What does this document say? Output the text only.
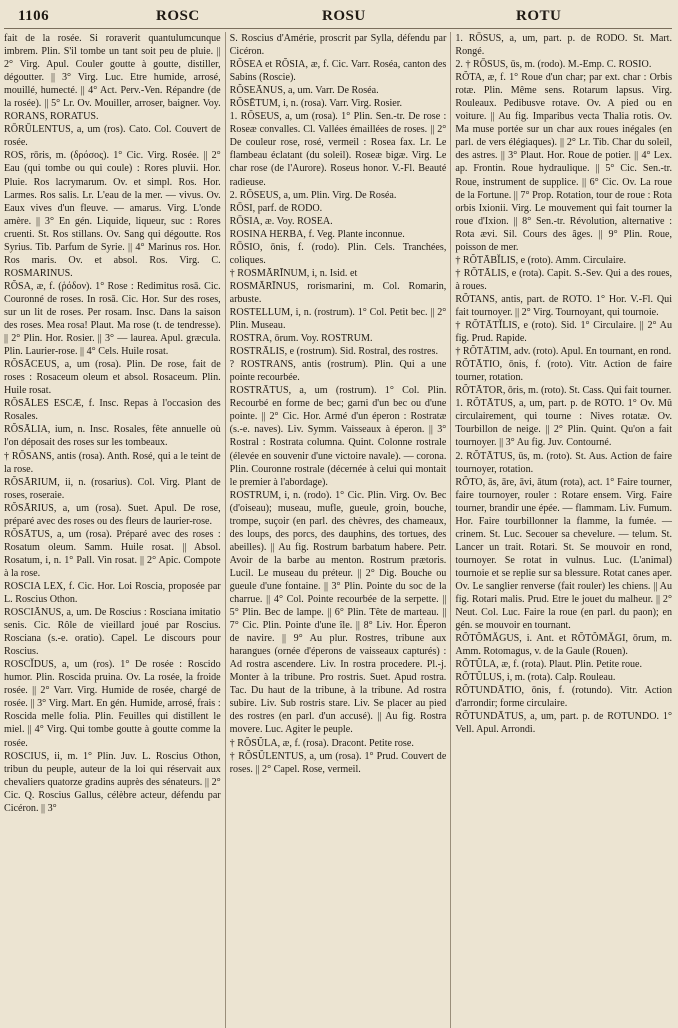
1106	ROSC	ROSU	ROTU

fait de la rosée. Si roraverit quantulumcunque imbrem. Plin. S'il tombe un tant soit peu de pluie. || 2° Virg. Apul. Couler goutte à goutte, distiller, dégoutter. || 3° Virg. Luc. Etre humide, arrosé, mouillé, humecté. || 4° Act. Perv.-Ven. Répandre (de la rosée). || 5° Lr. Ov. Mouiller, arroser, baigner. Voy. RORANS, RORATUS.

RŌRŪLENTUS, a, um (ros). Cato. Col. Couvert de rosée.

ROS, rōris, m. (δρόσος). 1° Cic. Virg. Rosée. || 2° Eau (qui tombe ou qui coule) : Rores pluvii. Hor. Pluie. Ros lacrymarum. Ov. et simpl. Ros. Hor. Larmes. Ros salis. Lr. L'eau de la mer. — vivus. Ov. Eaux vives d'un fleuve. — amarus. Virg. L'onde amère. || 3° En gén. Liquide, liqueur, suc : Rores cruenti. St. Ros stillans. Ov. Sang qui dégoutte. Ros Syrius. Tib. Parfum de Syrie. || 4° Marinus ros. Hor. Ros maris. Ov. et absol. Ros. Virg. C. ROSMARINUS.

RŎSA, æ, f. (ῥόδον). 1° Rose : Redimitus rosā. Cic. Couronné de roses. In rosā. Cic. Hor. Sur des roses, sur un lit de roses. Per rosam. Insc. Dans la saison des roses. Mea rosa! Plaut. Ma rose (t. de tendresse). || 2° Plin. Hor. Rosier. || 3° — laurea. Apul. græcula. Plin. Laurier-rose. || 4° Cels. Huile rosat.

RŎSĀCEUS, a, um (rosa). Plin. De rose, fait de roses : Rosaceum oleum et absol. Rosaceum. Plin. Huile rosat.

RŎSĀLES ESCÆ, f. Insc. Repas à l'occasion des Rosales.

RŎSĀLIA, ium, n. Insc. Rosales, fête annuelle où l'on déposait des roses sur les tombeaux.

† RŎSANS, antis (rosa). Anth. Rosé, qui a le teint de la rose.

RŎSĀRIUM, ii, n. (rosarius). Col. Virg. Plant de roses, roseraie.

RŎSĀRIUS, a, um (rosa). Suet. Apul. De rose, préparé avec des roses ou des fleurs de laurier-rose.

RŎSĀTUS, a, um (rosa). Préparé avec des roses : Rosatum oleum. Samm. Huile rosat. || Absol. Rosatum, i, n. 1° Pall. Vin rosat. || 2° Apic. Compote à la rose.

ROSCIA LEX, f. Cic. Hor. Loi Roscia, proposée par L. Roscius Othon.

ROSCIĀNUS, a, um. De Roscius : Rosciana imitatio senis. Cic. Rôle de vieillard joué par Roscius. Rosciana (s.-e. oratio). Capel. Le discours pour Roscius.

ROSCĬDUS, a, um (ros). 1° De rosée : Roscido humor. Plin. Roscida pruina. Ov. La rosée, la froide rosée. || 2° Varr. Virg. Humide de rosée, chargé de rosée. || 3° Virg. Mart. En gén. Humide, arrosé, frais : Roscida melle folia. Plin. Feuilles qui distillent le miel. || 4° Virg. Qui tombe goutte à goutte comme la rosée.

ROSCIUS, ii, m. 1° Plin. Juv. L. Roscius Othon, tribun du peuple, auteur de la loi qui réservait aux chevaliers quatorze gradins auprès des sénateurs. || 2° Cic. Q. Roscius Gallus, célèbre acteur, défendu par Cicéron. || 3°

S. Roscius d'Amérie, proscrit par Sylla, défendu par Cicéron.

RŎSEA et RŎSIA, æ, f. Cic. Varr. Roséa, canton des Sabins (Roscie).

RŎSEĀNUS, a, um. Varr. De Roséa.

RŎSĒTUM, i, n. (rosa). Varr. Virg. Rosier.

1. RŎSEUS, a, um (rosa). 1° Plin. Sen.-tr. De rose : Roseæ convalles. Cl. Vallées émaillées de roses. || 2° De couleur rose, rosé, vermeil : Rosea fax. Lr. Le flambeau éclatant (du soleil). Roseæ bigæ. Virg. Le char rose (de l'Aurore). Roseus honor. V.-Fl. Beauté radieuse.

2. RŎSEUS, a, um. Plin. Virg. De Roséa.

RŌSI, parf. de RODO.

RŌSIA, æ. Voy. ROSEA.

ROSINA HERBA, f. Veg. Plante inconnue.

RŌSIO, ōnis, f. (rodo). Plin. Cels. Tranchées, coliques.

† ROSMĀRĪNUM, i, n. Isid. et

ROSMĀRĪNUS, rorismarini, m. Col. Romarin, arbuste.

ROSTELLUM, i, n. (rostrum). 1° Col. Petit bec. || 2° Plin. Museau.

ROSTRA, ōrum. Voy. ROSTRUM.

ROSTRĀLIS, e (rostrum). Sid. Rostral, des rostres.

? ROSTRANS, antis (rostrum). Plin. Qui a une pointe recourbée.

ROSTRĀTUS, a, um (rostrum). 1° Col. Plin. Recourbé en forme de bec; garni d'un bec ou d'une pointe. || 2° Cic. Hor. Armé d'un éperon : Rostratæ (s.-e. naves). Liv. Symm. Vaisseaux à éperon. || 3° Rostral : Rostrata columna. Quint. Colonne rostrale (élevée en souvenir d'une victoire navale). — corona. Plin. Couronne rostrale (décernée à celui qui montait le premier à l'abordage).

ROSTRUM, i, n. (rodo). 1° Cic. Plin. Virg. Ov. Bec (d'oiseau); museau, mufle, gueule, groin, bouche, trompe, suçoir (en parl. des chèvres, des chameaux, des loups, des porcs, des dauphins, des tortues, des abeilles). || Au fig. Rostrum barbatum habere. Petr. Avoir de la barbe au menton. Rostrum prætoris. Lucil. Le museau du préteur. || 2° Dig. Bouche ou gueule d'une fontaine. || 3° Plin. Pointe du soc de la charrue. || 4° Col. Pointe recourbée de la serpette. || 5° Plin. Bec de lampe. || 6° Plin. Tête de marteau. || 7° Cic. Plin. Pointe d'une île. || 8° Liv. Hor. Éperon de navire. || 9° Au plur. Rostres, tribune aux harangues (ornée d'éperons de vaisseaux capturés) : Ad rostra ascendere. Liv. In rostra procedere. Pl.-j. Monter à la tribune. Pro rostris. Suet. Apud rostra. Tac. Du haut de la tribune, à la tribune. Ad rostra subire. Liv. Sub rostris stare. Liv. Se placer au pied des rostres (en parl. d'un accusé). || Au fig. Rostra movere. Luc. Agiter le peuple.

† RŎSŬLA, æ, f. (rosa). Dracont. Petite rose.

† RŎSŬLENTUS, a, um (rosa). 1° Prud. Couvert de roses. || 2° Capel. Rose, vermeil.

1. RŌSUS, a, um, part. p. de RODO. St. Mart. Rongé.

2. † RŌSUS, ūs, m. (rodo). M.-Emp. C. ROSIO.

RŎTA, æ, f. 1° Roue d'un char; par ext. char : Orbis rotæ. Plin. Même sens. Rotarum lapsus. Virg. Rouleaux. Pedibusve rotave. Ov. A pied ou en voiture. || Au fig. Imparibus vecta Thalia rotis. Ov. Ma muse portée sur un char aux roues inégales (en parl. de vers élégiaques). || 2° Lr. Tib. Char du soleil, des astres. || 3° Plaut. Hor. Roue de potier. || 4° Lex. ap. Frontin. Roue hydraulique. || 5° Cic. Sen.-tr. Roue, instrument de supplice. || 6° Cic. Ov. La roue de la Fortune. || 7° Prop. Rotation, tour de roue : Rota orbis Ixionii. Virg. Le mouvement qui fait tourner la roue d'Ixion. || 8° Sen.-tr. Révolution, alternative : Rota ævi. Sil. Cours des âges. || 9° Plin. Roue, poisson de mer.

† RŎTĀBĬLIS, e (roto). Amm. Circulaire.

† RŎTĀLIS, e (rota). Capit. S.-Sev. Qui a des roues, à roues.

RŎTANS, antis, part. de ROTO. 1° Hor. V.-Fl. Qui fait tournoyer. || 2° Virg. Tournoyant, qui tournoie.

† RŎTĀTĬLIS, e (roto). Sid. 1° Circulaire. || 2° Au fig. Prud. Rapide.

† RŎTĀTIM, adv. (roto). Apul. En tournant, en rond.

RŎTĀTIO, ōnis, f. (roto). Vitr. Action de faire tourner, rotation.

RŎTĀTOR, ōris, m. (roto). St. Cass. Qui fait tourner.

1. RŎTĀTUS, a, um, part. p. de ROTO. 1° Ov. Mû circulairement, qui tourne : Nives rotatæ. Ov. Tourbillon de neige. || 2° Plin. Quint. Qu'on a fait tournoyer. || 3° Au fig. Juv. Contourné.

2. RŎTĀTUS, ūs, m. (roto). St. Aus. Action de faire tournoyer, rotation.

RŎTO, ās, āre, āvi, ātum (rota), act. 1° Faire tourner, faire tournoyer, rouler : Rotare ensem. Virg. Faire tourner, brandir une épée. — flammam. Liv. Fumum. Hor. Faire tourbillonner la flamme, la fumée. — crinem. St. Luc. Secouer sa chevelure. — telum. St. Lancer un trait. Rotari. St. Se mouvoir en rond, tournoyer. Se rotat in vulnus. Luc. (L'animal) tournoie et se replie sur sa blessure. Rotat canes aper. Ov. Le sanglier renverse (fait rouler) les chiens. || Au fig. Rotari malis. Prud. Etre le jouet du malheur. || 2° Neut. Col. Luc. Faire la roue (en parl. du paon); en gén. se mouvoir en tournant.

RŎTŎMĂGUS, i. Ant. et RŎTŎMĂGI, ōrum, m. Amm. Rotomagus, v. de la Gaule (Rouen).

RŎTŬLA, æ, f. (rota). Plaut. Plin. Petite roue.

RŎTŬLUS, i, m. (rota). Calp. Rouleau.

RŎTUNDĀTIO, ōnis, f. (rotundo). Vitr. Action d'arrondir; forme circulaire.

RŎTUNDĀTUS, a, um, part. p. de ROTUNDO. 1° Vell. Apul. Arrondi.
